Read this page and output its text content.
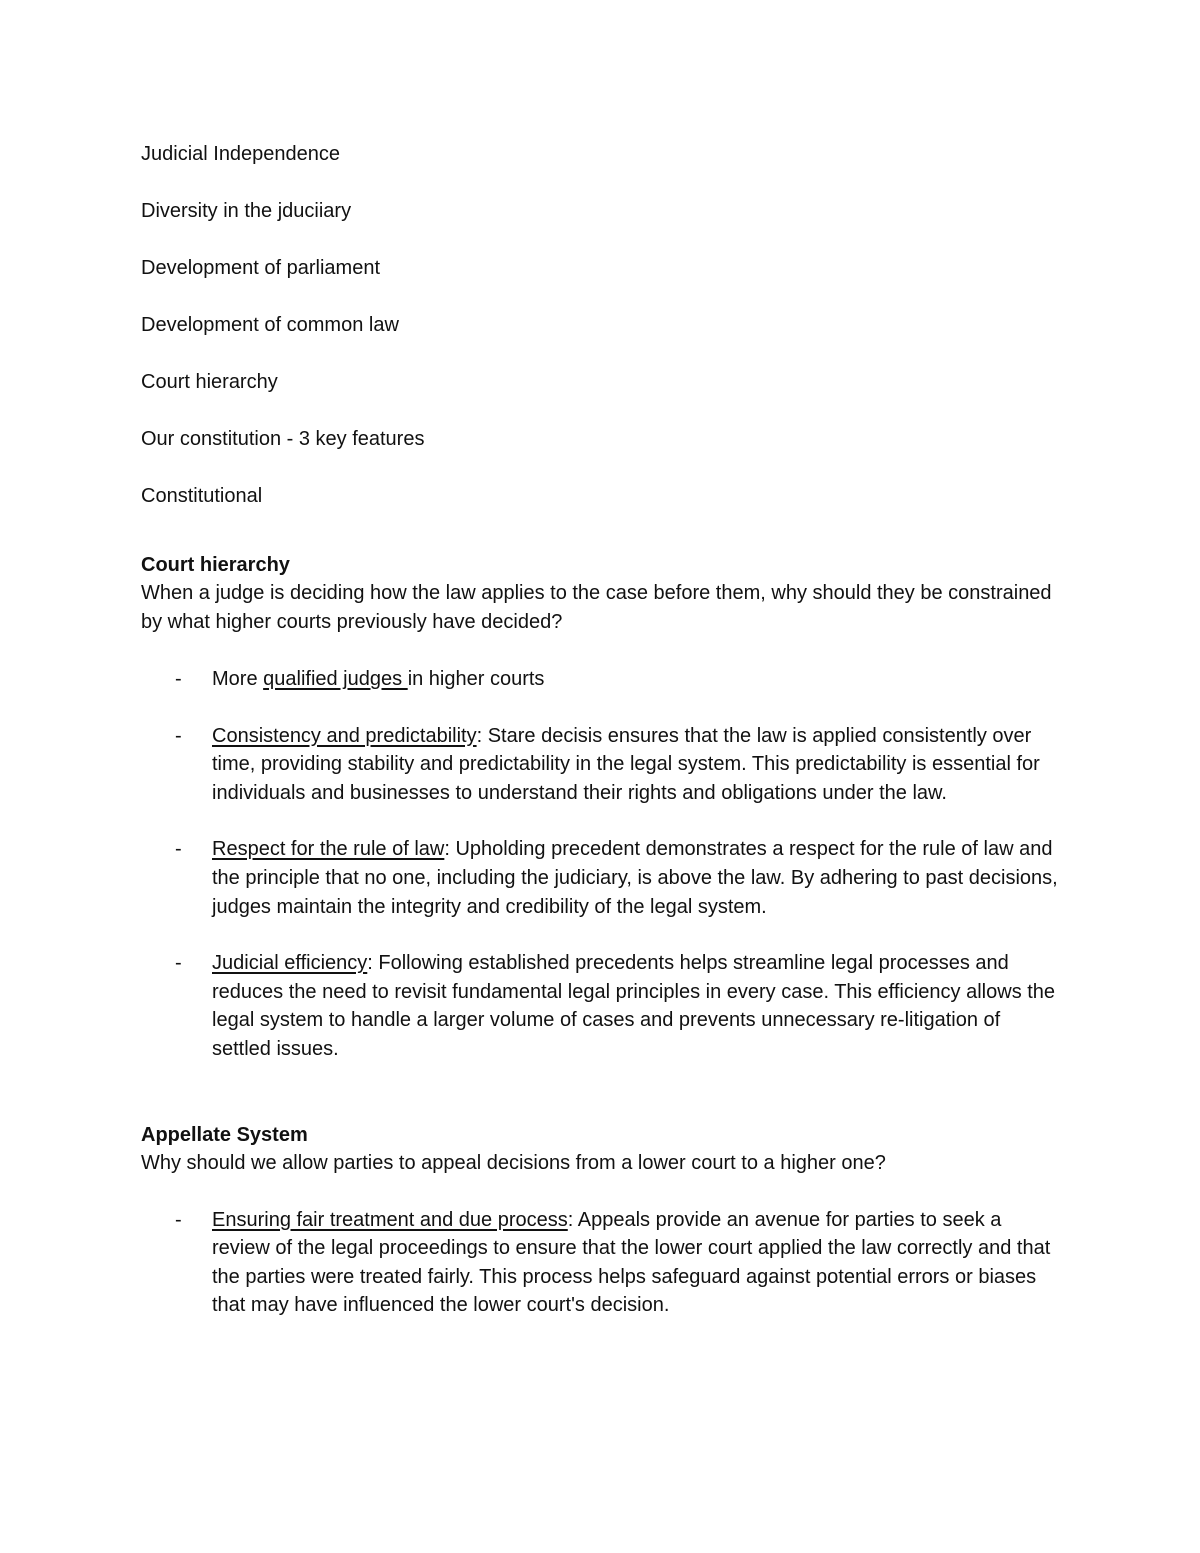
Judicial Independence

Diversity in the jduciiary

Development of parliament

Development of common law

Court hierarchy

Our constitution - 3 key features

Constitutional

Court hierarchy

When a judge is deciding how the law applies to the case before them, why should they be constrained by what higher courts previously have decided?

- More qualified judges in higher courts
- Consistency and predictability: Stare decisis ensures that the law is applied consistently over time, providing stability and predictability in the legal system. This predictability is essential for individuals and businesses to understand their rights and obligations under the law.
- Respect for the rule of law: Upholding precedent demonstrates a respect for the rule of law and the principle that no one, including the judiciary, is above the law. By adhering to past decisions, judges maintain the integrity and credibility of the legal system.
- Judicial efficiency: Following established precedents helps streamline legal processes and reduces the need to revisit fundamental legal principles in every case. This efficiency allows the legal system to handle a larger volume of cases and prevents unnecessary re-litigation of settled issues.

Appellate System

Why should we allow parties to appeal decisions from a lower court to a higher one?

- Ensuring fair treatment and due process: Appeals provide an avenue for parties to seek a review of the legal proceedings to ensure that the lower court applied the law correctly and that the parties were treated fairly. This process helps safeguard against potential errors or biases that may have influenced the lower court's decision.
